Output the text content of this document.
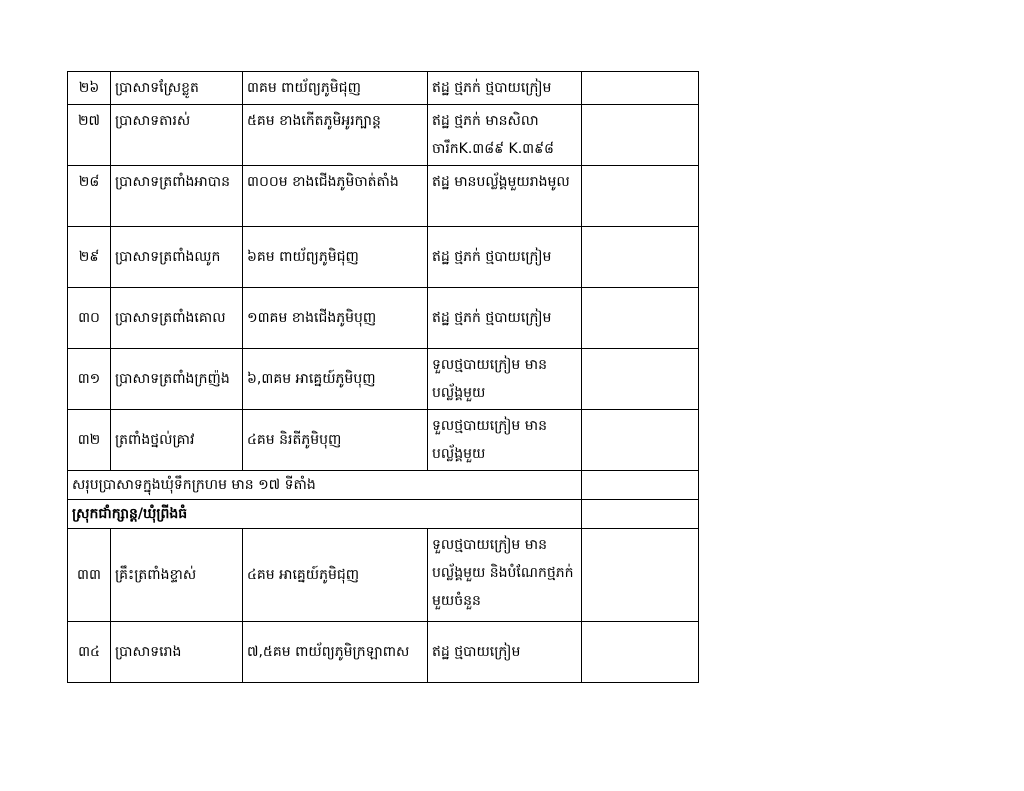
២៦	ប្រាសាទស្រែខ្លូត	៣គម ពាយ័ព្យភូមិជុញ	ឥដ្ឋ ថ្មភក់ ថ្មបាយក្រៀម	
២៧	ប្រាសាទតារស់	៥គម ខាងកើតភូមិអូរក្បាន្ត	ឥដ្ឋ ថ្មភក់ មានសិលាចារឹកK.៣៨៩ K.៣៩៨	
២៨	ប្រាសាទត្រពាំងអាបាន	៣០០ម ខាងជើងភូមិចាត់តាំង	ឥដ្ឋ មានបល្ល័ង្គមួយរាងមូល	
២៩	ប្រាសាទត្រពាំងឈូក	៦គម ពាយ័ព្យភូមិជុញ	ឥដ្ឋ ថ្មភក់ ថ្មបាយក្រៀម	
៣០	ប្រាសាទត្រពាំងគោល	១៣គម ខាងជើងភូមិបុញ	ឥដ្ឋ ថ្មភក់ ថ្មបាយក្រៀម	
៣១	ប្រាសាទត្រពាំងក្រញ៉ង	៦,៣គម អាគ្នេយ៍ភូមិបុញ	ទួលថ្មបាយក្រៀម មានបល្ល័ង្គមួយ	
៣២	ត្រពាំងថ្នល់គ្រាវ	៤គម និរតីភូមិបុញ	ទួលថ្មបាយក្រៀម មានបល្ល័ង្គមួយ	
សរុបប្រាសាទក្នុងឃុំទឹកក្រហម មាន ១៧ ទីតាំង				
ស្រុកជាំក្សាន្ត/ឃុំព្រីងធំ				
៣៣	គ្រឹះត្រពាំងខ្ទាស់	៤គម អាគ្នេយ៍ភូមិជុញ	ទួលថ្មបាយក្រៀម មានបល្ល័ង្គមួយ និងបំណែកថ្មភក់ មួយចំនួន	
៣៤	ប្រាសាទរោង	៧,៥គម ពាយ័ព្យភូមិក្រឡាពាស	ឥដ្ឋ ថ្មបាយក្រៀម	
